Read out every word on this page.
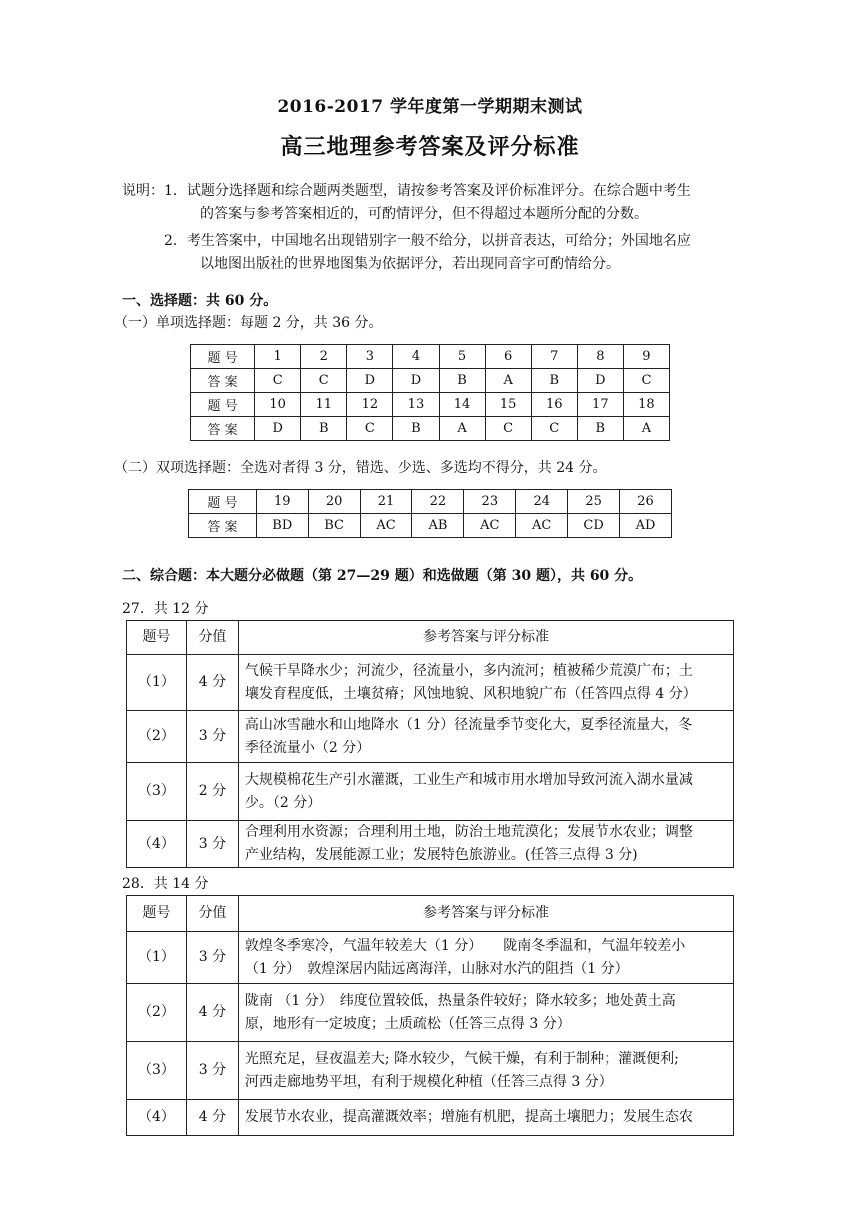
2016-2017 学年度第一学期期末测试
高三地理参考答案及评分标准
说明： 1．试题分选择题和综合题两类题型，请按参考答案及评价标准评分。在综合题中考生
的答案与参考答案相近的，可酌情评分，但不得超过本题所分配的分数。
2．考生答案中，中国地名出现错别字一般不给分，以拼音表达，可给分；外国地名应
以地图出版社的世界地图集为依据评分，若出现同音字可酌情给分。
一、选择题：共 60 分。
（一）单项选择题：每题 2 分，共 36 分。
题 号	1	2	3	4	5	6	7	8	9
答 案	C	C	D	D	B	A	B	D	C
题 号	10	11	12	13	14	15	16	17	18
答 案	D	B	C	B	A	C	C	B	A
（二）双项选择题：全选对者得 3 分，错选、少选、多选均不得分，共 24 分。
题 号	19	20	21	22	23	24	25	26
答 案	BD	BC	AC	AB	AC	AC	CD	AD
二、综合题：本大题分必做题（第 27—29 题）和选做题（第 30 题），共 60 分。
27．共 12 分
题号	分值	参考答案与评分标准
（1）	4 分	气候干旱降水少；河流少，径流量小，多内流河；植被稀少荒漠广布；土
壤发育程度低，土壤贫瘠；风蚀地貌、风积地貌广布（任答四点得 4 分）

（2）	3 分	高山冰雪融水和山地降水（1 分）径流量季节变化大，夏季径流量大，冬
季径流量小（2 分）

（3）	2 分	大规模棉花生产引水灌溉，工业生产和城市用水增加导致河流入湖水量减
少。（2 分）

（4）	3 分	合理利用水资源；合理利用土地，防治土地荒漠化；发展节水农业；调整
产业结构，发展能源工业；发展特色旅游业。(任答三点得 3 分)
28．共 14 分
题号	分值	参考答案与评分标准
（1）	3 分	敦煌冬季寒冷，气温年较差大（1 分）　　陇南冬季温和，气温年较差小
（1 分）　敦煌深居内陆远离海洋，山脉对水汽的阻挡（1 分）

（2）	4 分	陇南 （1 分）　纬度位置较低，热量条件较好；降水较多；地处黄土高
原，地形有一定坡度；土质疏松（任答三点得 3 分）

（3）	3 分	光照充足，昼夜温差大; 降水较少，气候干燥，有利于制种；灌溉便利;
河西走廊地势平坦，有利于规模化种植（任答三点得 3 分）

（4）	4 分	发展节水农业，提高灌溉效率；增施有机肥，提高土壤肥力；发展生态农
